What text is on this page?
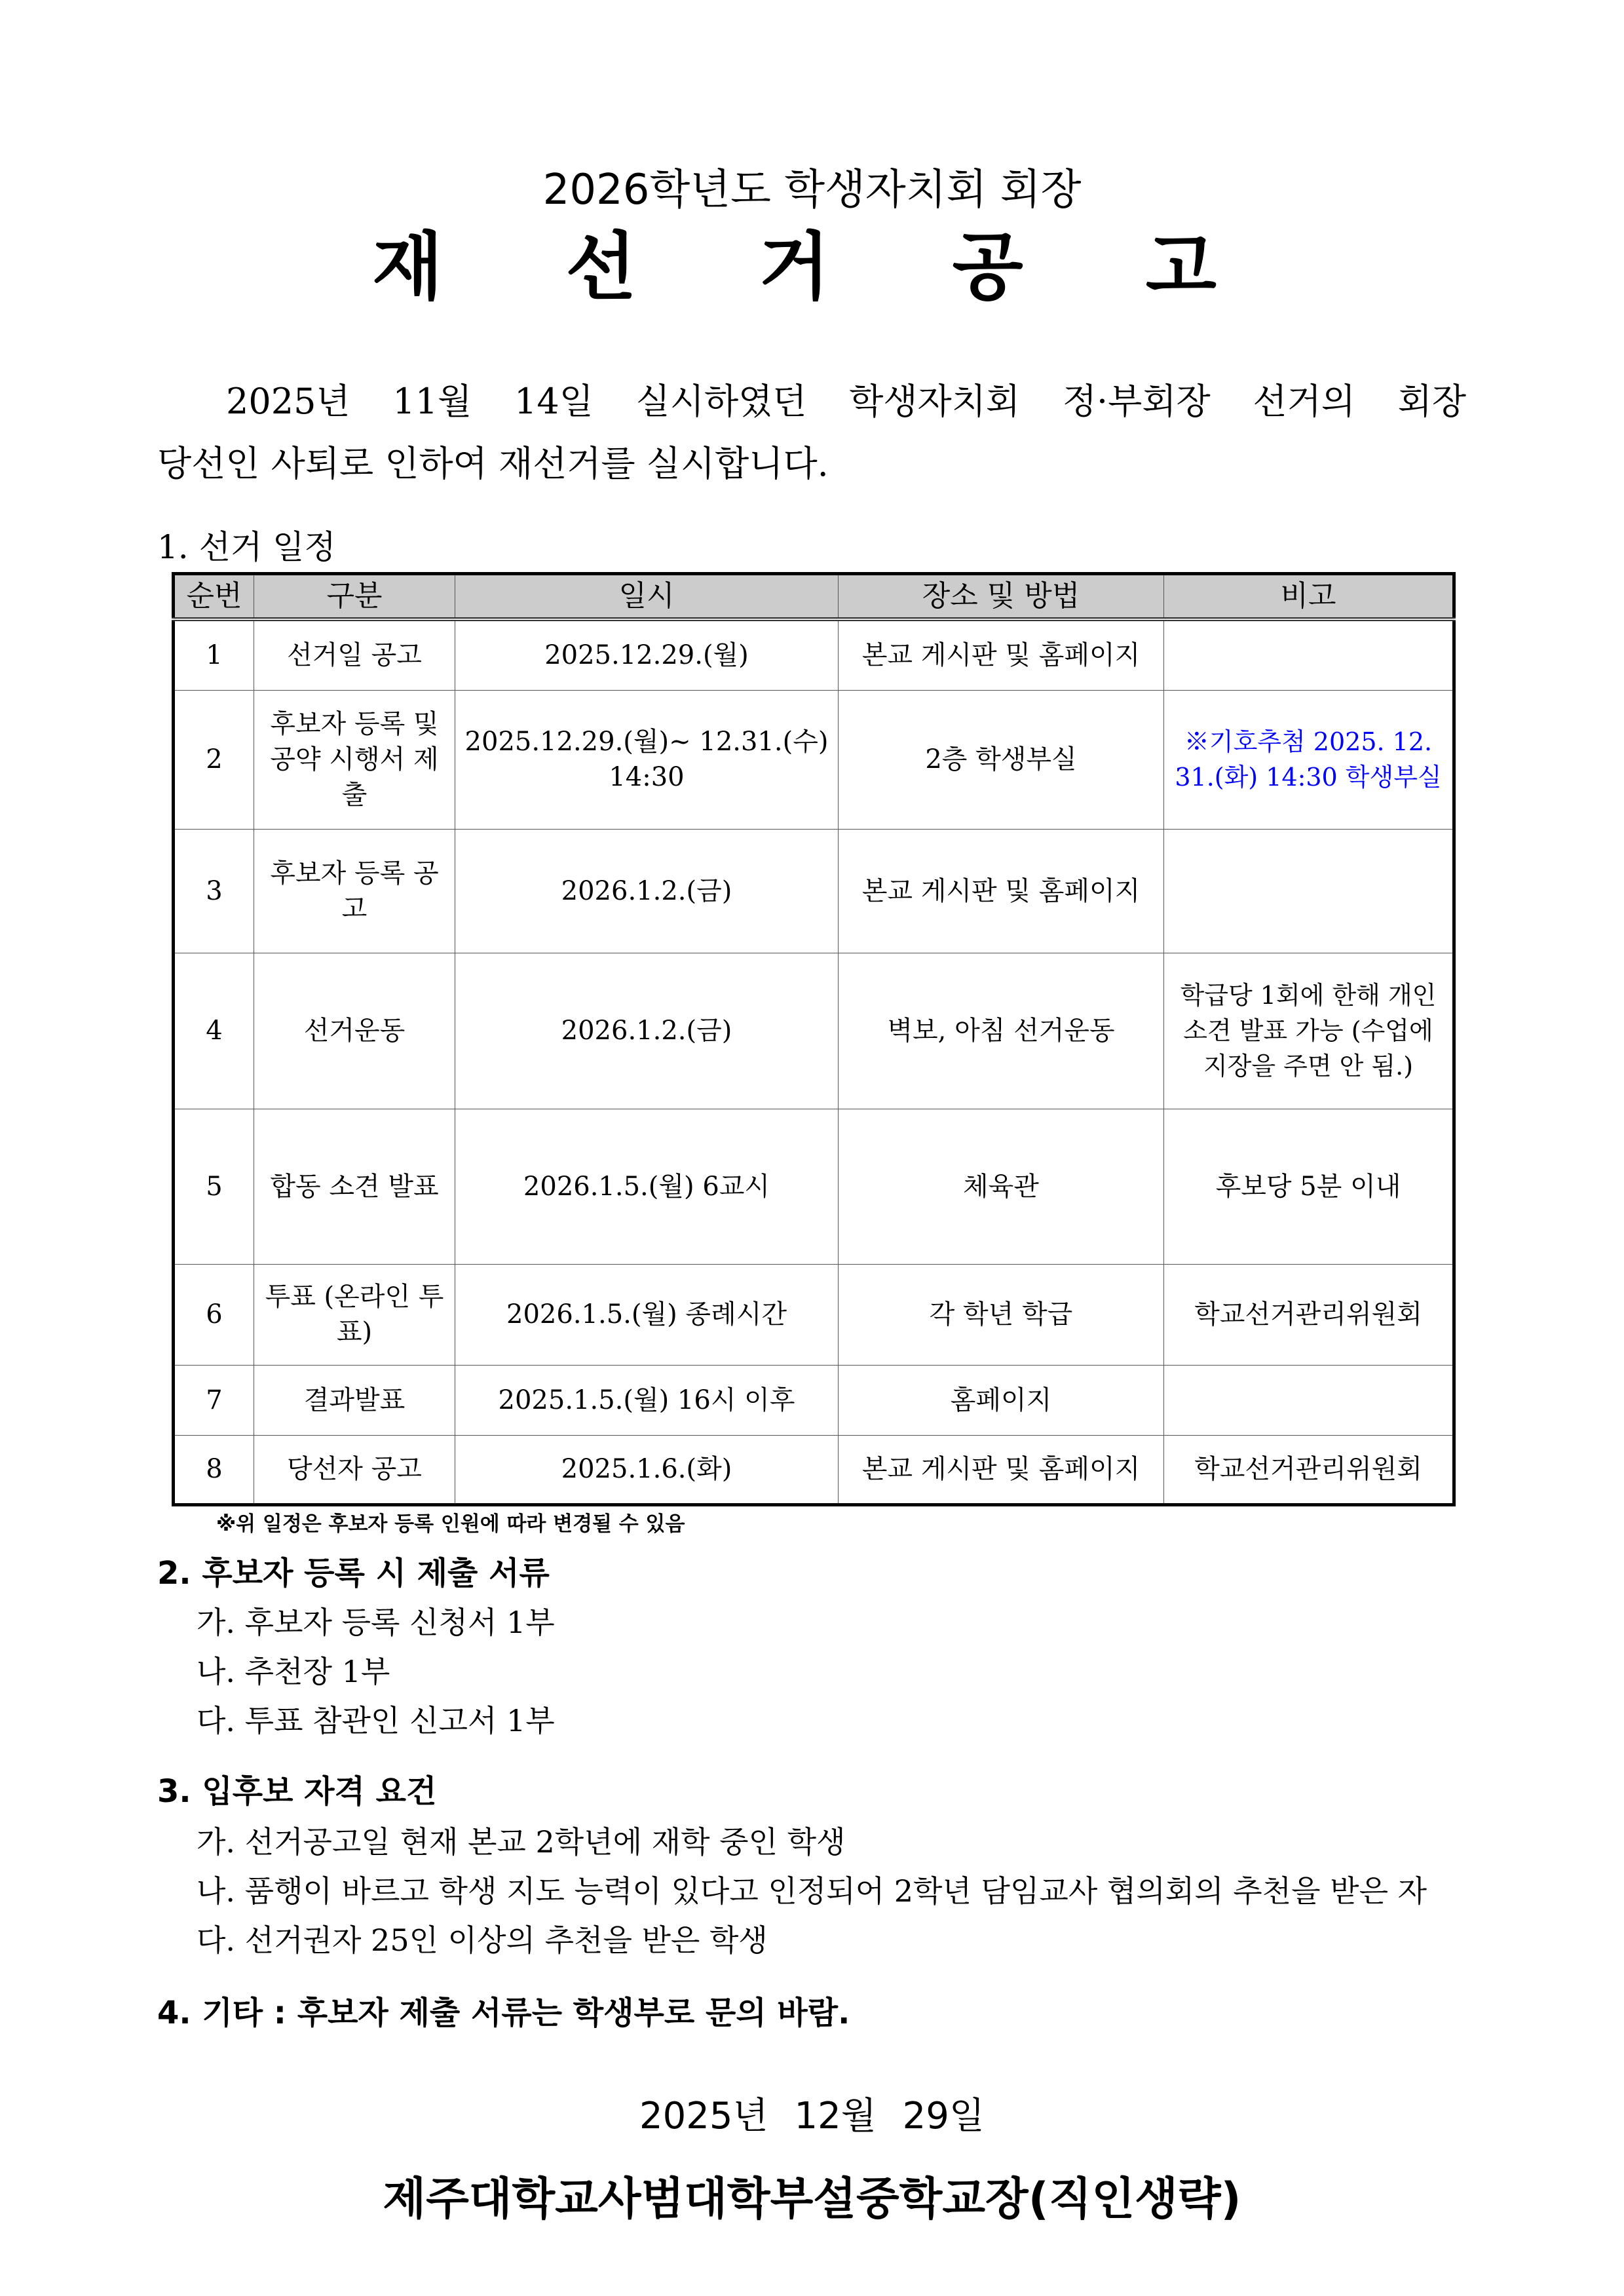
2026학년도 학생자치회 회장
재 선 거 공 고
2025년 11월 14일 실시하였던 학생자치회 정·부회장 선거의 회장
당선인 사퇴로 인하여 재선거를 실시합니다.
1. 선거 일정
순번	구분	일시	장소 및 방법	비고
1	선거일 공고	2025.12.29.(월)	본교 게시판 및 홈페이지	
2	후보자 등록 및 공약 시행서 제출	2025.12.29.(월)~ 12.31.(수) 14:30	2층 학생부실	※기호추첨 2025. 12. 31.(화) 14:30 학생부실
3	후보자 등록 공고	2026.1.2.(금)	본교 게시판 및 홈페이지	
4	선거운동	2026.1.2.(금)	벽보, 아침 선거운동	학급당 1회에 한해 개인 소견 발표 가능 (수업에 지장을 주면 안 됨.)
5	합동 소견 발표	2026.1.5.(월) 6교시	체육관	후보당 5분 이내
6	투표 (온라인 투표)	2026.1.5.(월) 종례시간	각 학년 학급	학교선거관리위원회
7	결과발표	2025.1.5.(월) 16시 이후	홈페이지	
8	당선자 공고	2025.1.6.(화)	본교 게시판 및 홈페이지	학교선거관리위원회
※위 일정은 후보자 등록 인원에 따라 변경될 수 있음
2. 후보자 등록 시 제출 서류
가. 후보자 등록 신청서 1부
나. 추천장 1부
다. 투표 참관인 신고서 1부
3. 입후보 자격 요건
가. 선거공고일 현재 본교 2학년에 재학 중인 학생
나. 품행이 바르고 학생 지도 능력이 있다고 인정되어 2학년 담임교사 협의회의 추천을 받은 자
다. 선거권자 25인 이상의 추천을 받은 학생
4. 기타 : 후보자 제출 서류는 학생부로 문의 바람.
2025년 12월 29일
제주대학교사범대학부설중학교장(직인생략)
